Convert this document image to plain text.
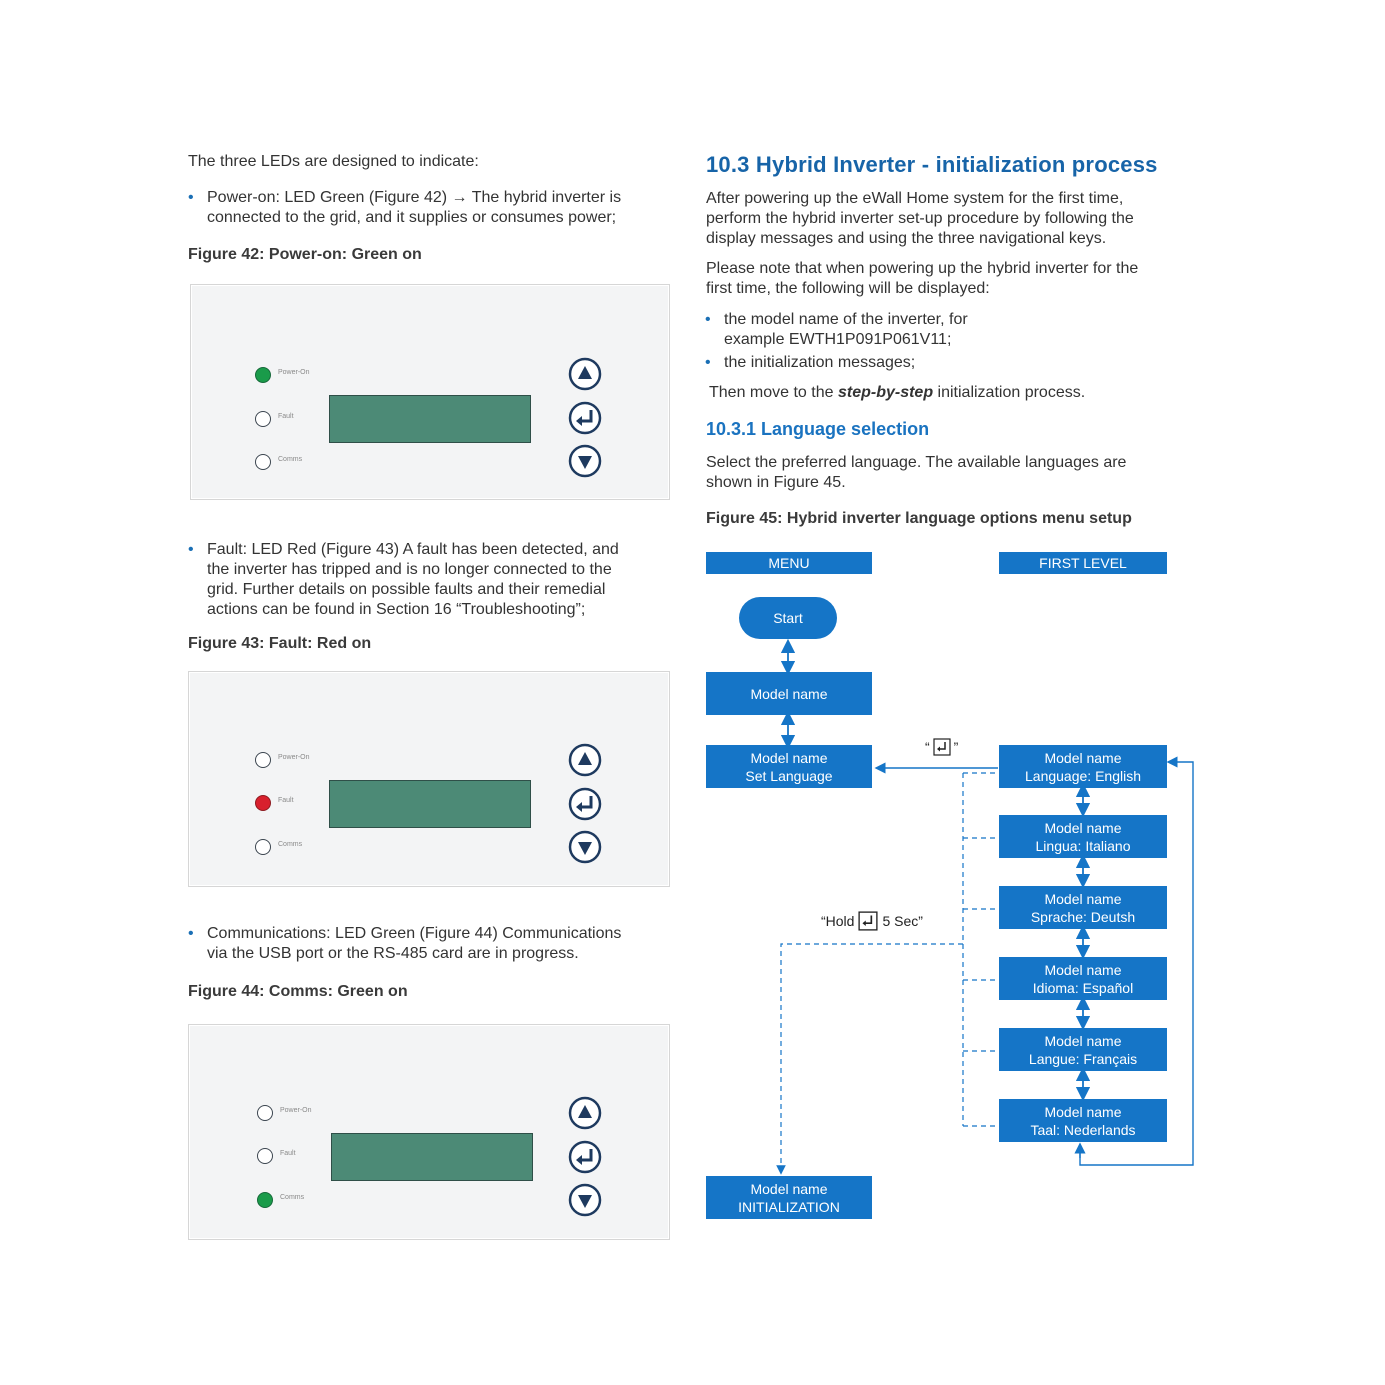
The three LEDs are designed to indicate:
• Power-on: LED Green (Figure 42) → The hybrid inverter is
connected to the grid, and it supplies or consumes power;
Figure 42: Power-on: Green on
Power-On
Fault
Comms
• Fault: LED Red (Figure 43) A fault has been detected, and
the inverter has tripped and is no longer connected to the
grid. Further details on possible faults and their remedial
actions can be found in Section 16 “Troubleshooting”;
Figure 43: Fault: Red on
Power-On
Fault
Comms
• Communications: LED Green (Figure 44) Communications
via the USB port or the RS-485 card are in progress.
Figure 44: Comms: Green on
Power-On
Fault
Comms
10.3 Hybrid Inverter - initialization process
After powering up the eWall Home system for the first time,
perform the hybrid inverter set-up procedure by following the
display messages and using the three navigational keys.
Please note that when powering up the hybrid inverter for the
first time, the following will be displayed:
• the model name of the inverter, for
example EWTH1P091P061V11;
• the initialization messages;
Then move to the step-by-step initialization process.
10.3.1 Language selection
Select the preferred language. The available languages are
shown in Figure 45.
Figure 45: Hybrid inverter language options menu setup
MENU	FIRST LEVEL
Start
Model name
Model name
Set Language
“ ”
“Hold 5 Sec”
Model name
Language: English
Model name
Lingua: Italiano
Model name
Sprache: Deutsh
Model name
Idioma: Español
Model name
Langue: Français
Model name
Taal: Nederlands
Model name
INITIALIZATION
